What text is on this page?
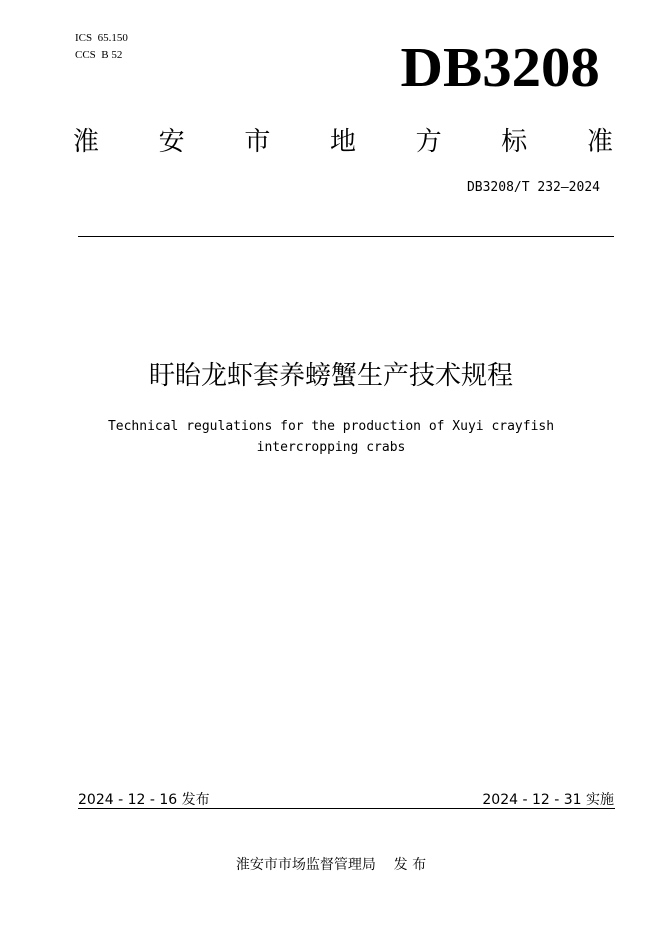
ICS  65.150
CCS  B 52	DB3208
淮 安 市 地 方 标 准
DB3208/T 232—2024
盱眙龙虾套养螃蟹生产技术规程
Technical regulations for the production of Xuyi crayfish
intercropping crabs
2024 - 12 - 16 发布	2024 - 12 - 31 实施
淮安市市场监督管理局    发 布
